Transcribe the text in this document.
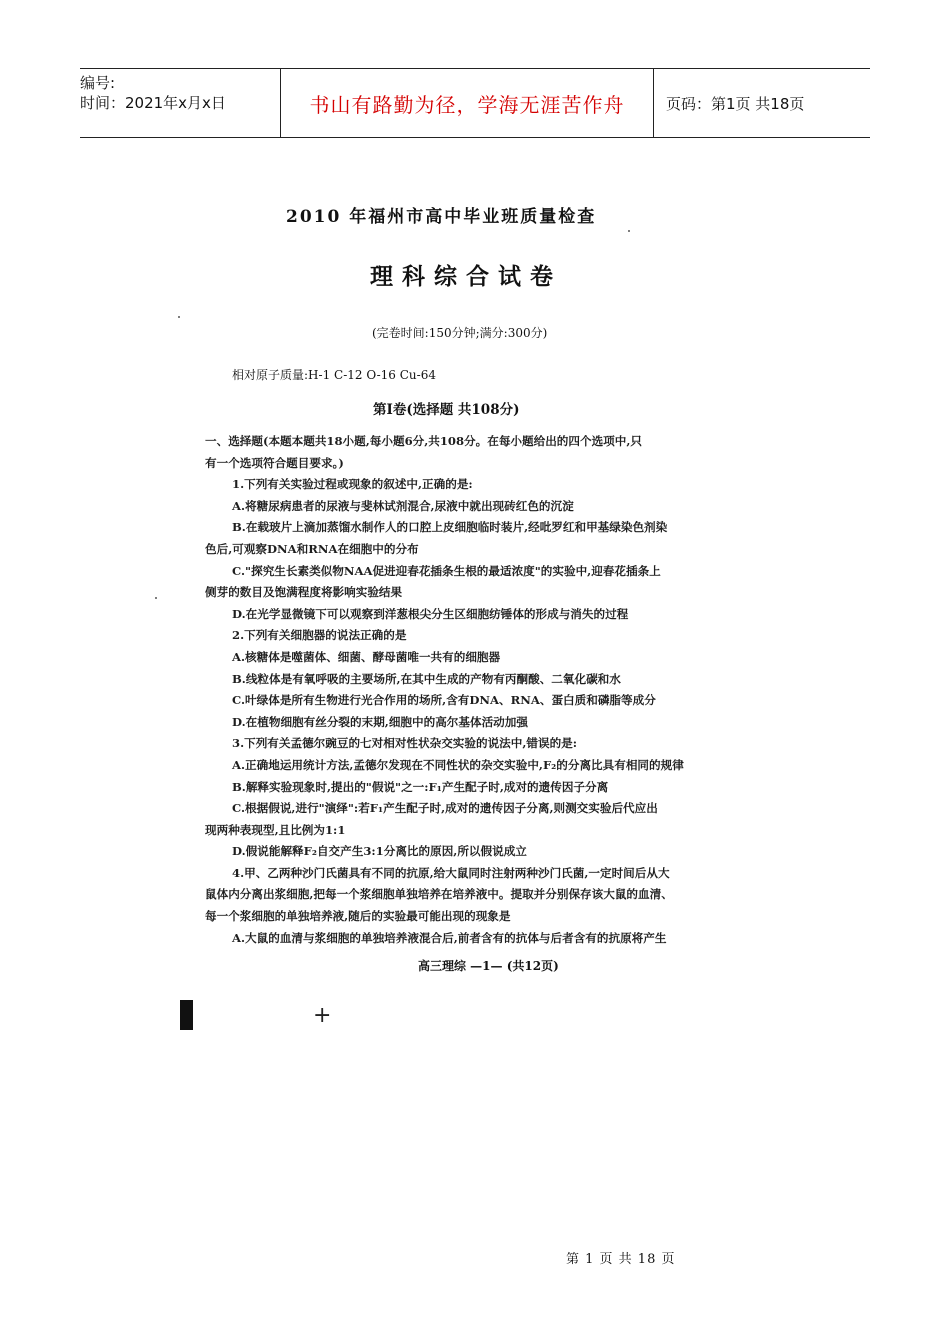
编号:
时间：2021年x月x日	书山有路勤为径，学海无涯苦作舟	页码：第1页 共18页
2010 年福州市高中毕业班质量检查
理科综合试卷
(完卷时间:150分钟;满分:300分)
相对原子质量:H-1 C-12 O-16 Cu-64
第Ⅰ卷(选择题 共108分)

一、选择题(本题本题共18小题,每小题6分,共108分。在每小题给出的四个选项中,只

有一个选项符合题目要求。)

1.下列有关实验过程或现象的叙述中,正确的是:

A.将糖尿病患者的尿液与斐林试剂混合,尿液中就出现砖红色的沉淀

B.在载玻片上滴加蒸馏水制作人的口腔上皮细胞临时装片,经吡罗红和甲基绿染色剂染

色后,可观察DNA和RNA在细胞中的分布

C."探究生长素类似物NAA促进迎春花插条生根的最适浓度"的实验中,迎春花插条上

侧芽的数目及饱满程度将影响实验结果

D.在光学显微镜下可以观察到洋葱根尖分生区细胞纺锤体的形成与消失的过程

2.下列有关细胞器的说法正确的是

A.核糖体是噬菌体、细菌、酵母菌唯一共有的细胞器

B.线粒体是有氧呼吸的主要场所,在其中生成的产物有丙酮酸、二氧化碳和水

C.叶绿体是所有生物进行光合作用的场所,含有DNA、RNA、蛋白质和磷脂等成分

D.在植物细胞有丝分裂的末期,细胞中的高尔基体活动加强

3.下列有关孟德尔豌豆的七对相对性状杂交实验的说法中,错误的是:

A.正确地运用统计方法,孟德尔发现在不同性状的杂交实验中,F₂的分离比具有相同的规律

B.解释实验现象时,提出的"假说"之一:F₁产生配子时,成对的遗传因子分离

C.根据假说,进行"演绎":若F₁产生配子时,成对的遗传因子分离,则测交实验后代应出

现两种表现型,且比例为1:1

D.假说能解释F₂自交产生3:1分离比的原因,所以假说成立

4.甲、乙两种沙门氏菌具有不同的抗原,给大鼠同时注射两种沙门氏菌,一定时间后从大

鼠体内分离出浆细胞,把每一个浆细胞单独培养在培养液中。提取并分别保存该大鼠的血清、

每一个浆细胞的单独培养液,随后的实验最可能出现的现象是

A.大鼠的血清与浆细胞的单独培养液混合后,前者含有的抗体与后者含有的抗原将产生

高三理综 —1— (共12页)
+
第 1 页 共 18 页
